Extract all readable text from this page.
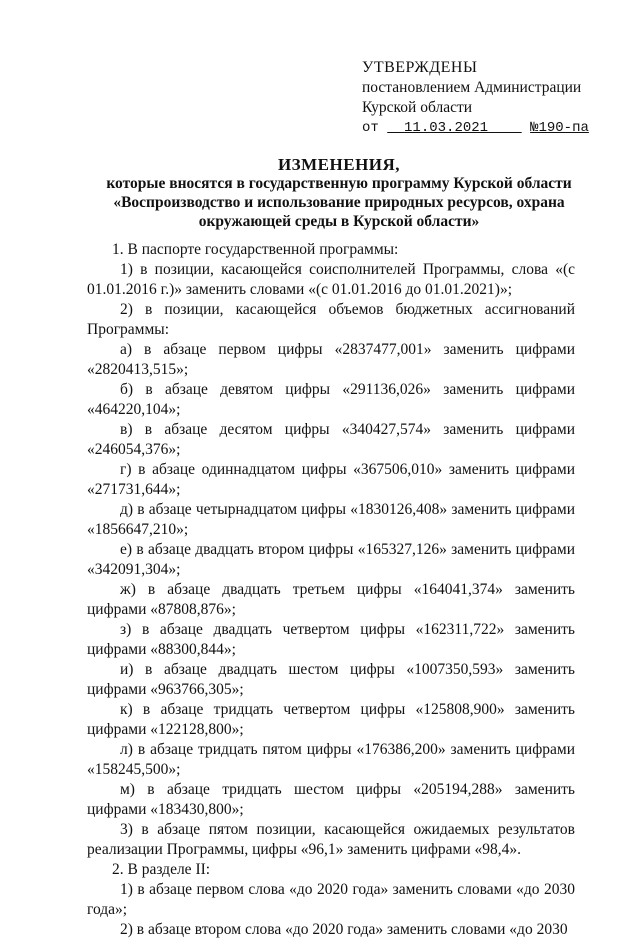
УТВЕРЖДЕНЫ
постановлением Администрации
Курской области
от 11.03.2021	№190-па
ИЗМЕНЕНИЯ,
которые вносятся в государственную программу Курской области
«Воспроизводство и использование природных ресурсов, охрана
окружающей среды в Курской области»

1. В паспорте государственной программы:

1) в позиции, касающейся соисполнителей Программы, слова «(с 01.01.2016 г.)» заменить словами «(с 01.01.2016 до 01.01.2021)»;

2) в позиции, касающейся объемов бюджетных ассигнований Программы:

а) в абзаце первом цифры «2837477,001» заменить цифрами «2820413,515»;

б) в абзаце девятом цифры «291136,026» заменить цифрами «464220,104»;

в) в абзаце десятом цифры «340427,574» заменить цифрами «246054,376»;

г) в абзаце одиннадцатом цифры «367506,010» заменить цифрами «271731,644»;

д) в абзаце четырнадцатом цифры «1830126,408» заменить цифрами «1856647,210»;

е) в абзаце двадцать втором цифры «165327,126» заменить цифрами «342091,304»;

ж) в абзаце двадцать третьем цифры «164041,374» заменить цифрами «87808,876»;

з) в абзаце двадцать четвертом цифры «162311,722» заменить цифрами «88300,844»;

и) в абзаце двадцать шестом цифры «1007350,593» заменить цифрами «963766,305»;

к) в абзаце тридцать четвертом цифры «125808,900» заменить цифрами «122128,800»;

л) в абзаце тридцать пятом цифры «176386,200» заменить цифрами «158245,500»;

м) в абзаце тридцать шестом цифры «205194,288» заменить цифрами «183430,800»;

3) в абзаце пятом позиции, касающейся ожидаемых результатов реализации Программы, цифры «96,1» заменить цифрами «98,4».

2. В разделе II:

1) в абзаце первом слова «до 2020 года» заменить словами «до 2030 года»;

2) в абзаце втором слова «до 2020 года» заменить словами «до 2030
